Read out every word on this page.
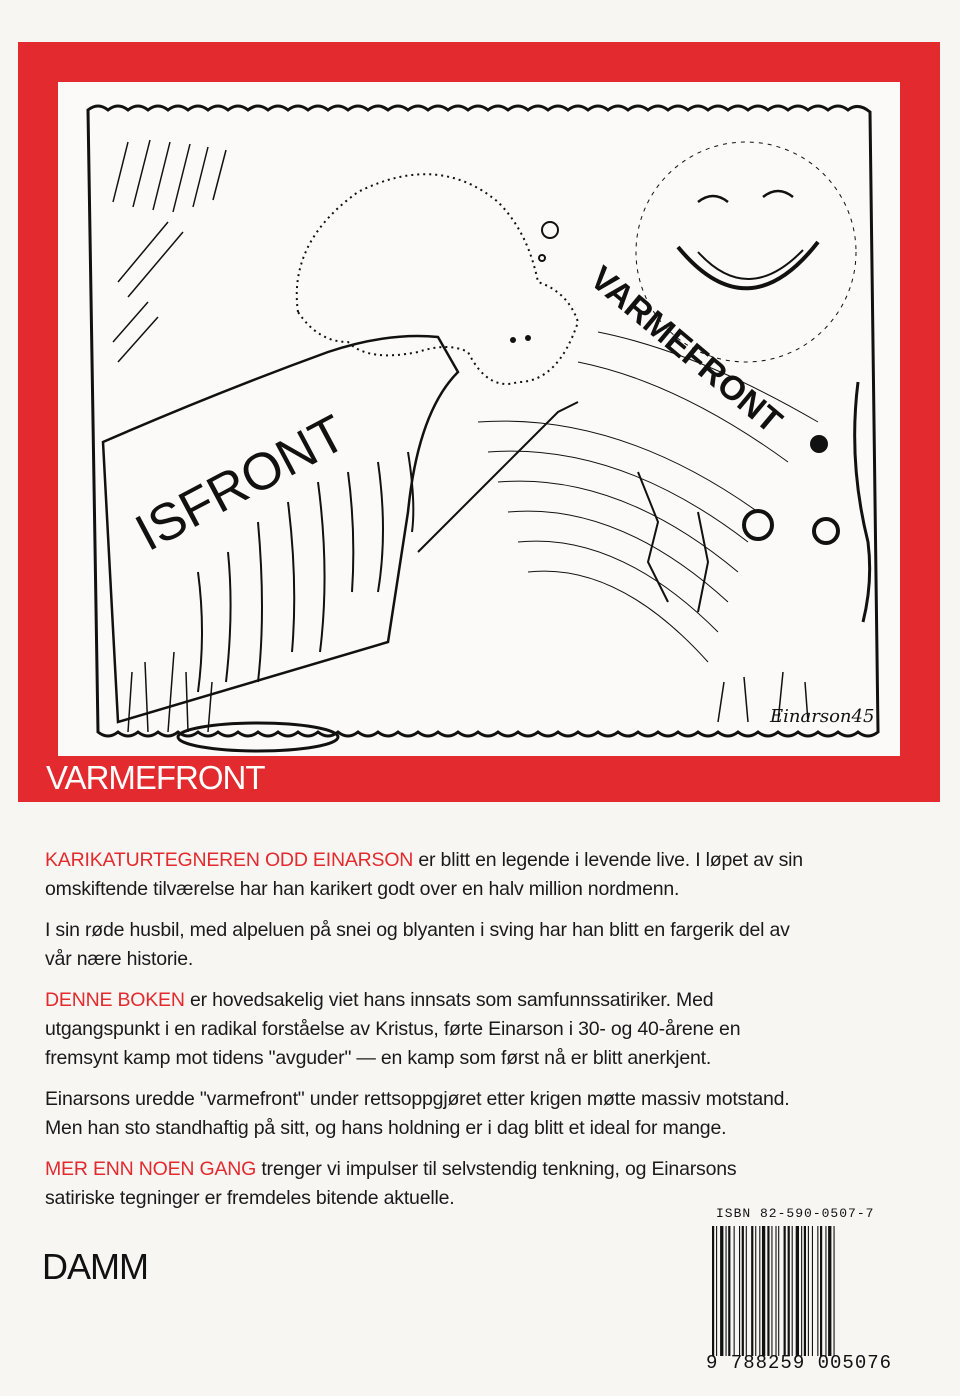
ISFRONT
VARMEFRONT
Einarson45
VARMEFRONT

KARIKATURTEGNEREN ODD EINARSON er blitt en legende i levende live. I løpet av sin omskiftende tilværelse har han karikert godt over en halv million nordmenn.

I sin røde husbil, med alpeluen på snei og blyanten i sving har han blitt en fargerik del av vår nære historie.

DENNE BOKEN er hovedsakelig viet hans innsats som samfunnssatiriker. Med utgangspunkt i en radikal forståelse av Kristus, førte Einarson i 30- og 40-årene en fremsynt kamp mot tidens "avguder" — en kamp som først nå er blitt anerkjent.

Einarsons uredde "varmefront" under rettsoppgjøret etter krigen møtte massiv motstand. Men han sto standhaftig på sitt, og hans holdning er i dag blitt et ideal for mange.

MER ENN NOEN GANG trenger vi impulser til selvstendig tenkning, og Einarsons satiriske tegninger er fremdeles bitende aktuelle.

DAMM
ISBN 82-590-0507-7
9 788259 005076
